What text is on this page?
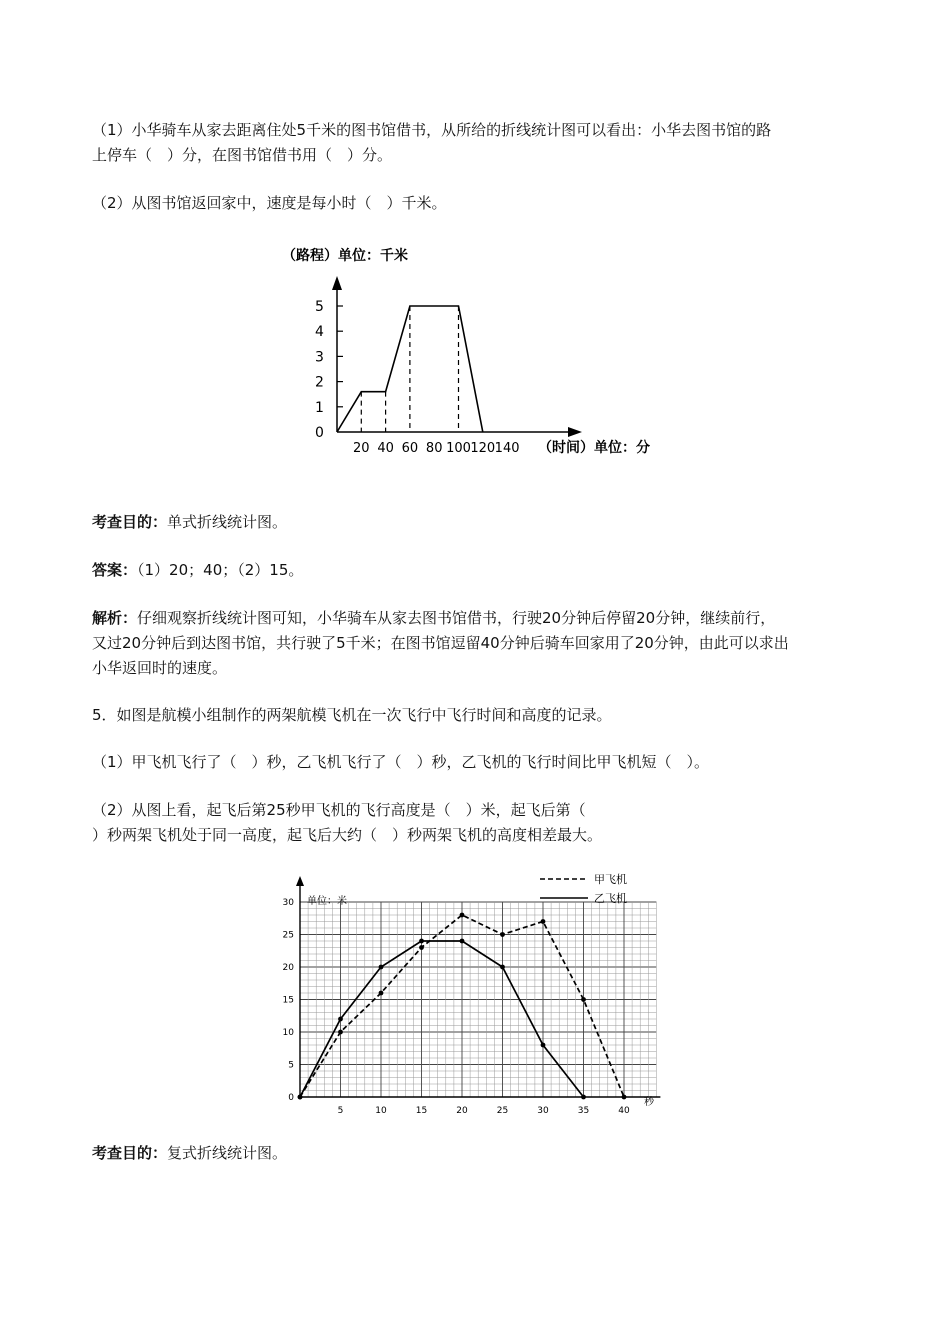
（1）小华骑车从家去距离住处5千米的图书馆借书，从所给的折线统计图可以看出：小华去图书馆的路

上停车（　）分，在图书馆借书用（　）分。

（2）从图书馆返回家中，速度是每小时（　）千米。

（路程）单位：千米
0
1
2
3
4
5
20 40 60 80 100 120 140 （时间）单位：分

考查目的：单式折线统计图。

答案：（1）20；40；（2）15。

解析：仔细观察折线统计图可知，小华骑车从家去图书馆借书，行驶20分钟后停留20分钟，继续前行，

又过20分钟后到达图书馆，共行驶了5千米；在图书馆逗留40分钟后骑车回家用了20分钟，由此可以求出

小华返回时的速度。

5．如图是航模小组制作的两架航模飞机在一次飞行中飞行时间和高度的记录。

（1）甲飞机飞行了（　）秒，乙飞机飞行了（　）秒，乙飞机的飞行时间比甲飞机短（　）。

（2）从图上看，起飞后第25秒甲飞机的飞行高度是（　）米，起飞后第（

）秒两架飞机处于同一高度，起飞后大约（　）秒两架飞机的高度相差最大。

0
5
10
15
20
25
30
5	10	15	20	25	30	35	40
单位：米
甲飞机
乙飞机
秒

考查目的：复式折线统计图。
